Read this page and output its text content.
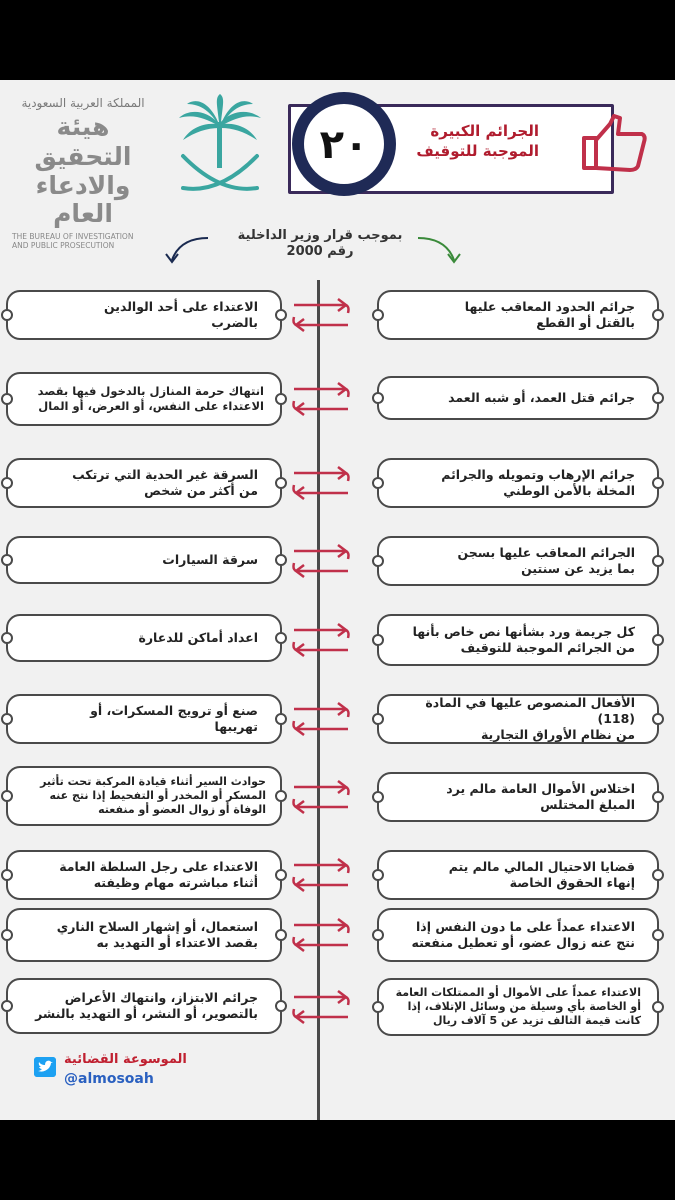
المملكة العربية السعودية
هيئة التحقيق
والادعاء العام
THE BUREAU OF INVESTIGATION
AND PUBLIC PROSECUTION
الجرائم الكبيرة
الموجبة للتوقيف
٢٠
بموجب قرار وزير الداخلية
رقم 2000
جرائم الحدود المعاقب عليها
بالقتل أو القطع
جرائم قتل العمد، أو شبه العمد
جرائم الإرهاب وتمويله والجرائم
المخلة بالأمن الوطني
الجرائم المعاقب عليها بسجن
بما يزيد عن سنتين
كل جريمة ورد بشأنها نص خاص بأنها
من الجرائم الموجبة للتوقيف
الأفعال المنصوص عليها في المادة (118)
من نظام الأوراق التجارية
اختلاس الأموال العامة مالم يرد
المبلغ المختلس
قضايا الاحتيال المالي مالم يتم
إنهاء الحقوق الخاصة
الاعتداء عمداً على ما دون النفس إذا
نتج عنه زوال عضو، أو تعطيل منفعته
الاعتداء عمداً على الأموال أو الممتلكات العامة
أو الخاصة بأي وسيلة من وسائل الإتلاف، إذا
كانت قيمة التالف تزيد عن 5 آلاف ريال
الاعتداء على أحد الوالدين
بالضرب
انتهاك حرمة المنازل بالدخول فيها بقصد
الاعتداء على النفس، أو العرض، أو المال
السرقة غير الحدية التي ترتكب
من أكثر من شخص
سرقة السيارات
اعداد أماكن للدعارة
صنع أو ترويج المسكرات، أو
تهريبها
حوادث السير أثناء قيادة المركبة تحت تأثير
المسكر أو المخدر أو التفحيط إذا نتج عنه
الوفاة أو زوال العضو أو منفعته
الاعتداء على رجل السلطة العامة
أثناء مباشرته مهام وظيفته
استعمال، أو إشهار السلاح الناري
بقصد الاعتداء أو التهديد به
جرائم الابتزاز، وانتهاك الأعراض
بالتصوير، أو النشر، أو التهديد بالنشر
الموسوعة القضائية
@almosoah
